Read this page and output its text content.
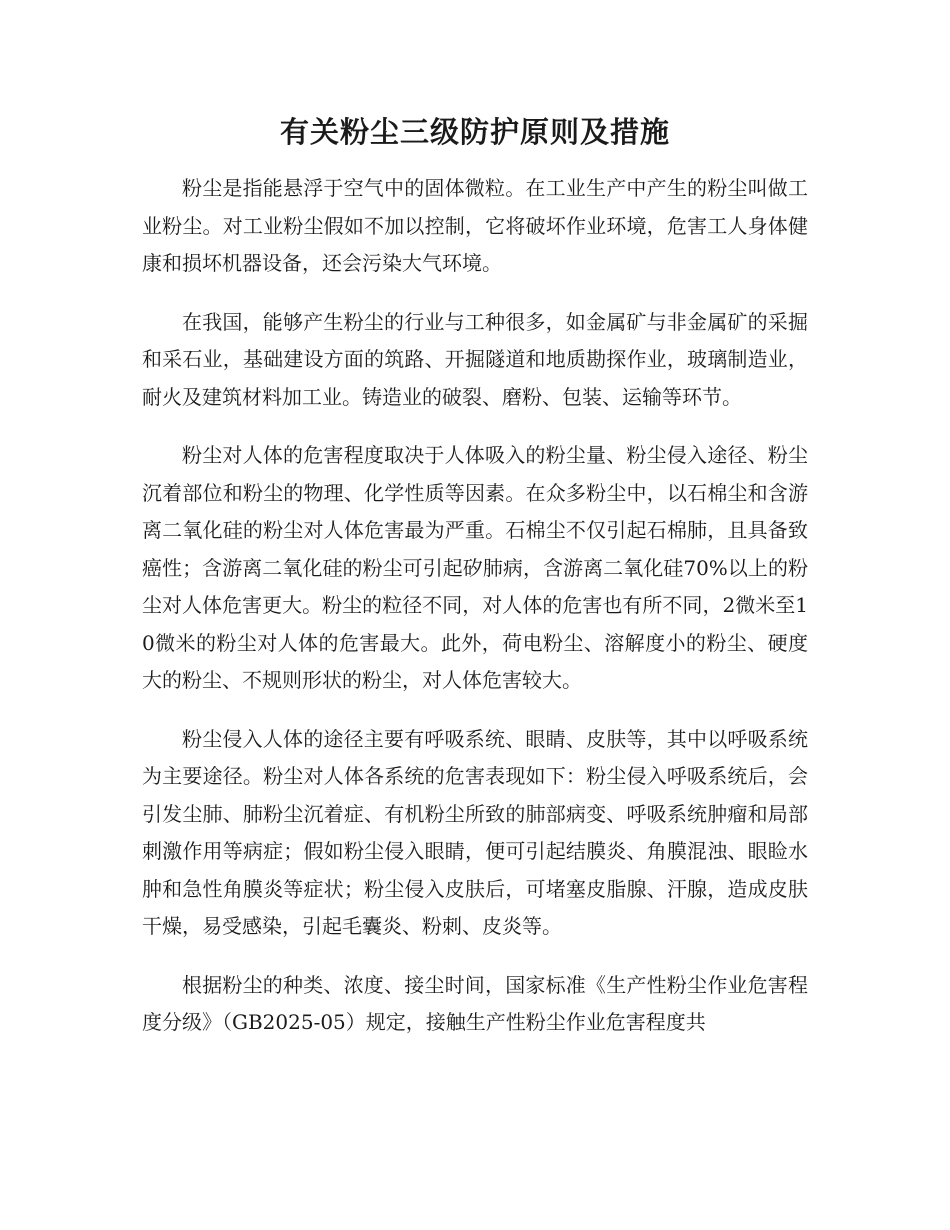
有关粉尘三级防护原则及措施

粉尘是指能悬浮于空气中的固体微粒。在工业生产中产生的粉尘叫做工业粉尘。对工业粉尘假如不加以控制，它将破坏作业环境，危害工人身体健康和损坏机器设备，还会污染大气环境。

在我国，能够产生粉尘的行业与工种很多，如金属矿与非金属矿的采掘和采石业，基础建设方面的筑路、开掘隧道和地质勘探作业，玻璃制造业，耐火及建筑材料加工业。铸造业的破裂、磨粉、包装、运输等环节。

粉尘对人体的危害程度取决于人体吸入的粉尘量、粉尘侵入途径、粉尘沉着部位和粉尘的物理、化学性质等因素。在众多粉尘中，以石棉尘和含游离二氧化硅的粉尘对人体危害最为严重。石棉尘不仅引起石棉肺，且具备致癌性；含游离二氧化硅的粉尘可引起矽肺病，含游离二氧化硅70%以上的粉尘对人体危害更大。粉尘的粒径不同，对人体的危害也有所不同，2微米至10微米的粉尘对人体的危害最大。此外，荷电粉尘、溶解度小的粉尘、硬度大的粉尘、不规则形状的粉尘，对人体危害较大。

粉尘侵入人体的途径主要有呼吸系统、眼睛、皮肤等，其中以呼吸系统为主要途径。粉尘对人体各系统的危害表现如下：粉尘侵入呼吸系统后，会引发尘肺、肺粉尘沉着症、有机粉尘所致的肺部病变、呼吸系统肿瘤和局部刺激作用等病症；假如粉尘侵入眼睛，便可引起结膜炎、角膜混浊、眼睑水肿和急性角膜炎等症状；粉尘侵入皮肤后，可堵塞皮脂腺、汗腺，造成皮肤干燥，易受感染，引起毛囊炎、粉刺、皮炎等。

根据粉尘的种类、浓度、接尘时间，国家标准《生产性粉尘作业危害程度分级》（GB2025-05）规定，接触生产性粉尘作业危害程度共
